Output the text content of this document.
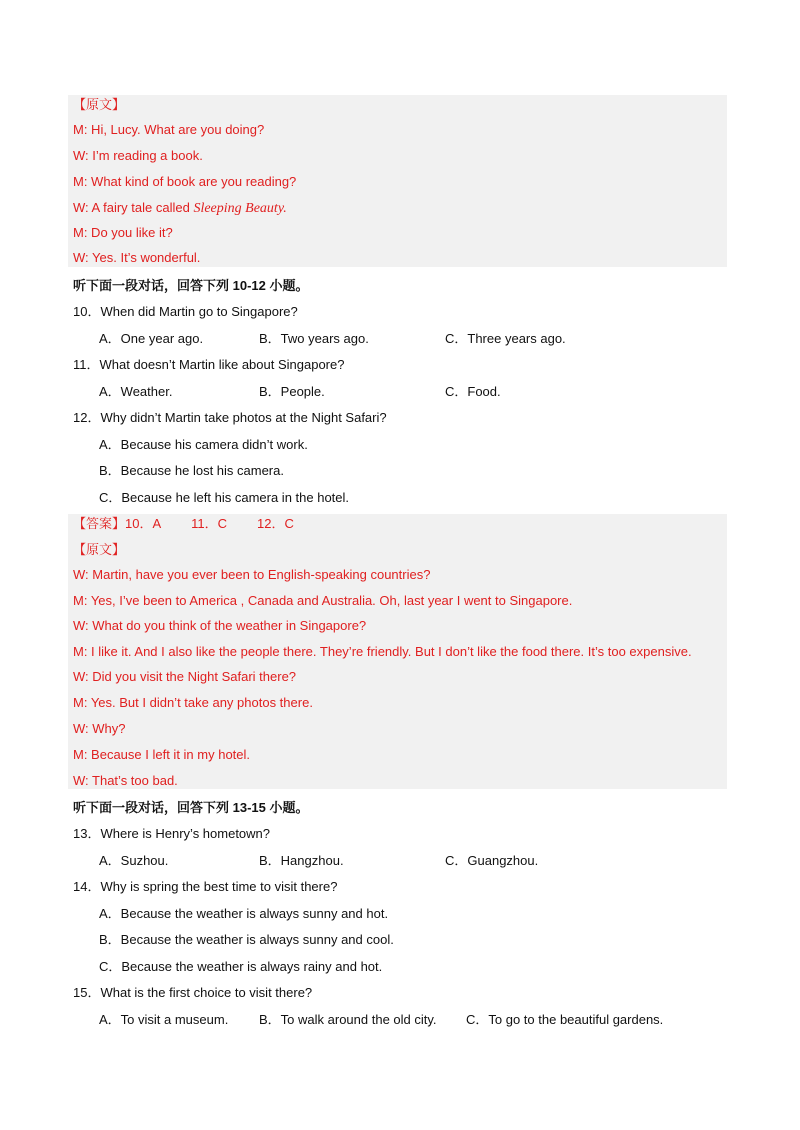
【原文】
M: Hi, Lucy. What are you doing?
W: I’m reading a book.
M: What kind of book are you reading?
W: A fairy tale called Sleeping Beauty.
M: Do you like it?
W: Yes. It’s wonderful.
听下面一段对话，回答下列 10-12 小题。
10．When did Martin go to Singapore?
A．One year ago.	B．Two years ago.	C．Three years ago.
11．What doesn’t Martin like about Singapore?
A．Weather.	B．People.	C．Food.
12．Why didn’t Martin take photos at the Night Safari?
A．Because his camera didn’t work.
B．Because he lost his camera.
C．Because he left his camera in the hotel.
【答案】10．A 11．C 12．C
【原文】
W: Martin, have you ever been to English-speaking countries?
M: Yes, I’ve been to America , Canada and Australia. Oh, last year I went to Singapore.
W: What do you think of the weather in Singapore?
M: I like it. And I also like the people there. They’re friendly. But I don’t like the food there. It’s too expensive.
W: Did you visit the Night Safari there?
M: Yes. But I didn’t take any photos there.
W: Why?
M: Because I left it in my hotel.
W: That’s too bad.
听下面一段对话，回答下列 13-15 小题。
13．Where is Henry’s hometown?
A．Suzhou.	B．Hangzhou.	C．Guangzhou.
14．Why is spring the best time to visit there?
A．Because the weather is always sunny and hot.
B．Because the weather is always sunny and cool.
C．Because the weather is always rainy and hot.
15．What is the first choice to visit there?
A．To visit a museum. B．To walk around the old city. C．To go to the beautiful gardens.
